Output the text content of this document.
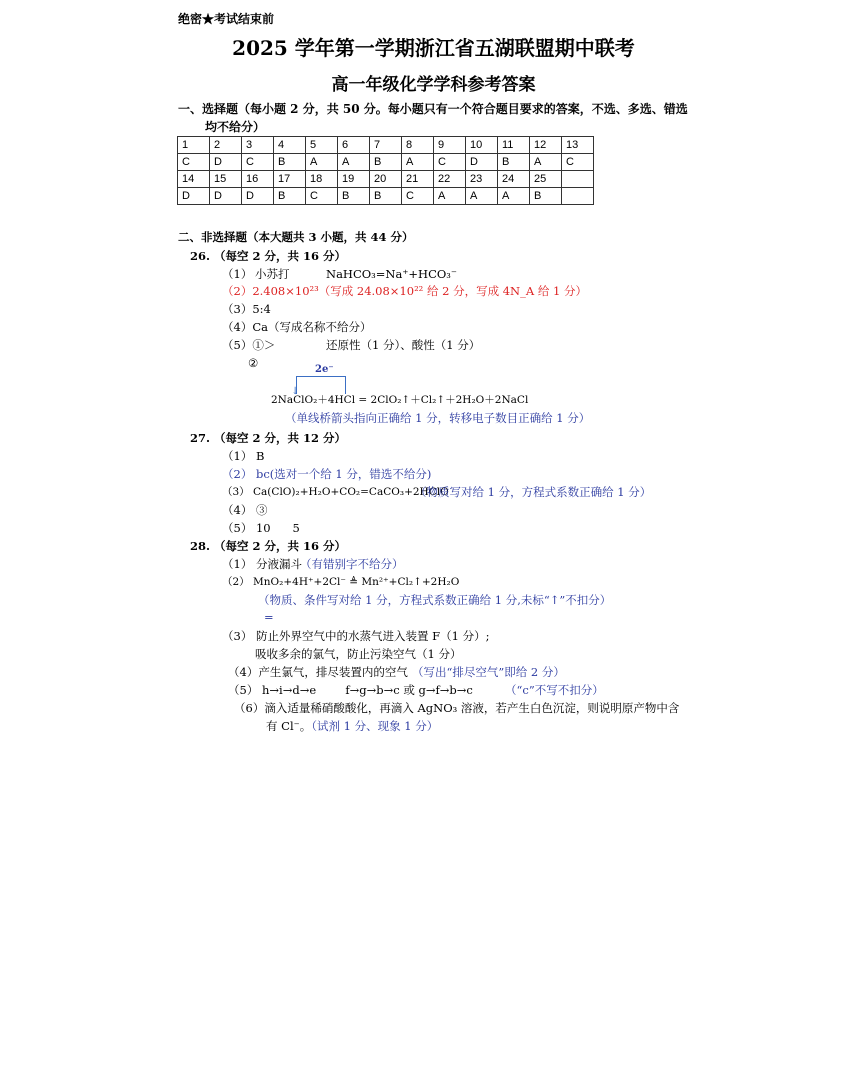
绝密★考试结束前
2025 学年第一学期浙江省五湖联盟期中联考
高一年级化学学科参考答案
一、选择题（每小题 2 分，共 50 分。每小题只有一个符合题目要求的答案，不选、多选、错选
均不给分）
1	2	3	4	5	6	7	8	9	10	11	12	13
C	D	C	B	A	A	B	A	C	D	B	A	C
14	15	16	17	18	19	20	21	22	23	24	25	
D	D	D	B	C	B	B	C	A	A	A	B	
二、非选择题（本大题共 3 小题，共 44 分）
26. （每空 2 分，共 16 分）
（1） 小苏打	NaHCO₃=Na⁺+HCO₃⁻
（2）2.408×10²³（写成 24.08×10²² 给 2 分，写成 4N_A 给 1 分）
（3）5:4
（4）Ca（写成名称不给分）
（5）①＞	还原性（1 分）、酸性（1 分）
②	2e⁻
↓
2NaClO₂＋4HCl = 2ClO₂↑＋Cl₂↑＋2H₂O＋2NaCl
（单线桥箭头指向正确给 1 分，转移电子数目正确给 1 分）
27. （每空 2 分，共 12 分）
（1） B
（2） bc(选对一个给 1 分，错选不给分)
（3） Ca(ClO)₂+H₂O+CO₂=CaCO₃+2HClO
（物质写对给 1 分，方程式系数正确给 1 分）
（4） ③
（5） 10      5
28. （每空 2 分，共 16 分）
（1） 分液漏斗
（有错别字不给分）
（2） MnO₂+4H⁺+2Cl⁻ ≜ Mn²⁺+Cl₂↑+2H₂O
（物质、条件写对给 1 分，方程式系数正确给 1 分,未标“↑”不扣分）
=
（3） 防止外界空气中的水蒸气进入装置 F（1 分）;
吸收多余的氯气，防止污染空气（1 分）
（4）产生氯气，排尽装置内的空气 （写出“排尽空气”即给 2 分）
（5） h→i→d→e        f→g→b→c 或 g→f→b→c	（“c”不写不扣分）
（6）滴入适量稀硝酸酸化，再滴入 AgNO₃ 溶液，若产生白色沉淀，则说明原产物中含
有 Cl⁻。（试剂 1 分、现象 1 分）
